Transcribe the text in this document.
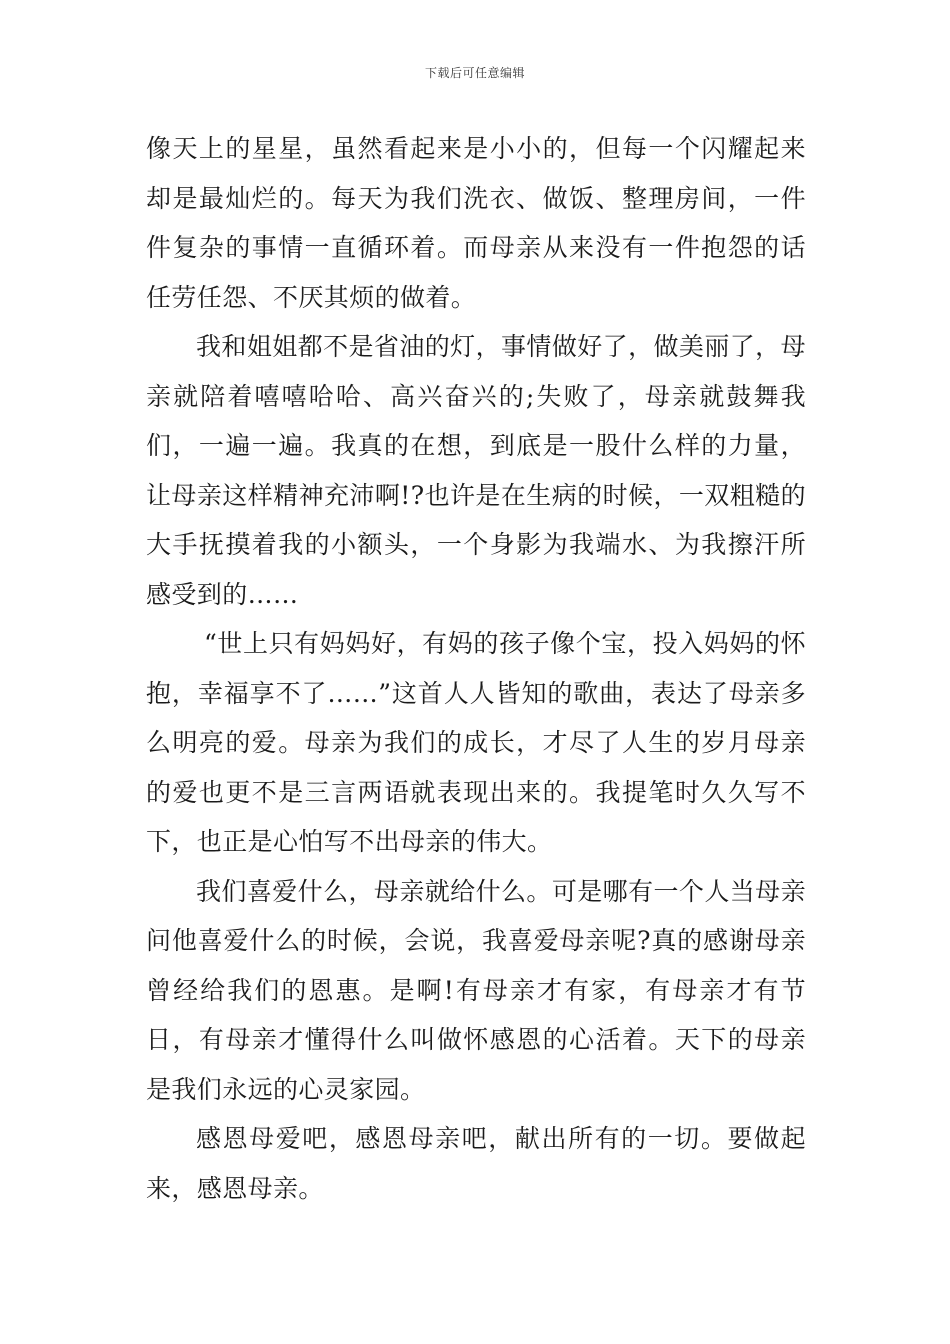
下载后可任意编辑

像天上的星星，虽然看起来是小小的，但每一个闪耀起来却是最灿烂的。每天为我们洗衣、做饭、整理房间，一件件复杂的事情一直循环着。而母亲从来没有一件抱怨的话任劳任怨、不厌其烦的做着。

我和姐姐都不是省油的灯，事情做好了，做美丽了，母亲就陪着嘻嘻哈哈、高兴奋兴的;失败了，母亲就鼓舞我们，一遍一遍。我真的在想，到底是一股什么样的力量，让母亲这样精神充沛啊!?也许是在生病的时候，一双粗糙的大手抚摸着我的小额头，一个身影为我端水、为我擦汗所感受到的……

“世上只有妈妈好，有妈的孩子像个宝，投入妈妈的怀抱，幸福享不了……”这首人人皆知的歌曲，表达了母亲多么明亮的爱。母亲为我们的成长，才尽了人生的岁月母亲的爱也更不是三言两语就表现出来的。我提笔时久久写不下，也正是心怕写不出母亲的伟大。

我们喜爱什么，母亲就给什么。可是哪有一个人当母亲问他喜爱什么的时候，会说，我喜爱母亲呢?真的感谢母亲曾经给我们的恩惠。是啊!有母亲才有家，有母亲才有节日，有母亲才懂得什么叫做怀感恩的心活着。天下的母亲是我们永远的心灵家园。

感恩母爱吧，感恩母亲吧，献出所有的一切。要做起来，感恩母亲。
